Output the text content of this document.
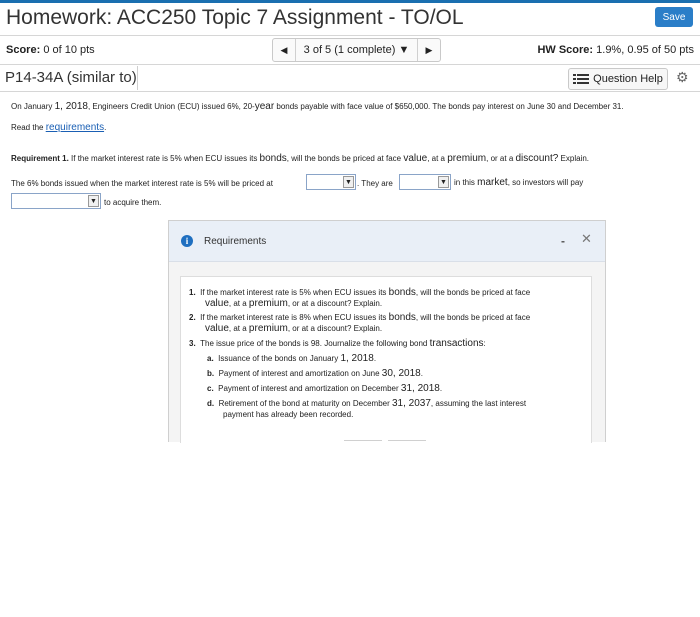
Homework: ACC250 Topic 7 Assignment - TO/OL	Save
Score: 0 of 10 pts	◀	3 of 5 (1 complete) ▼	▶	HW Score: 1.9%, 0.95 of 50 pts
P14-34A (similar to)	Question Help ⚙
On January 1, 2018, Engineers Credit Union (ECU) issued 6%, 20-year bonds payable with face value of $650,000. The bonds pay interest on June 30 and December 31.
Read the requirements.
Requirement 1. If the market interest rate is 5% when ECU issues its bonds, will the bonds be priced at face value, at a premium, or at a discount? Explain.
The 6% bonds issued when the market interest rate is 5% will be priced at	▼ . They are	▼ in this market, so investors will pay
▼ to acquire them.
i	Requirements	- ✕
1. If the market interest rate is 5% when ECU issues its bonds, will the bonds be priced at face
value, at a premium, or at a discount? Explain.
2. If the market interest rate is 8% when ECU issues its bonds, will the bonds be priced at face
value, at a premium, or at a discount? Explain.
3. The issue price of the bonds is 98. Journalize the following bond transactions:
a. Issuance of the bonds on January 1, 2018.
b. Payment of interest and amortization on June 30, 2018.
c. Payment of interest and amortization on December 31, 2018.
d. Retirement of the bond at maturity on December 31, 2037, assuming the last interest
payment has already been recorded.
